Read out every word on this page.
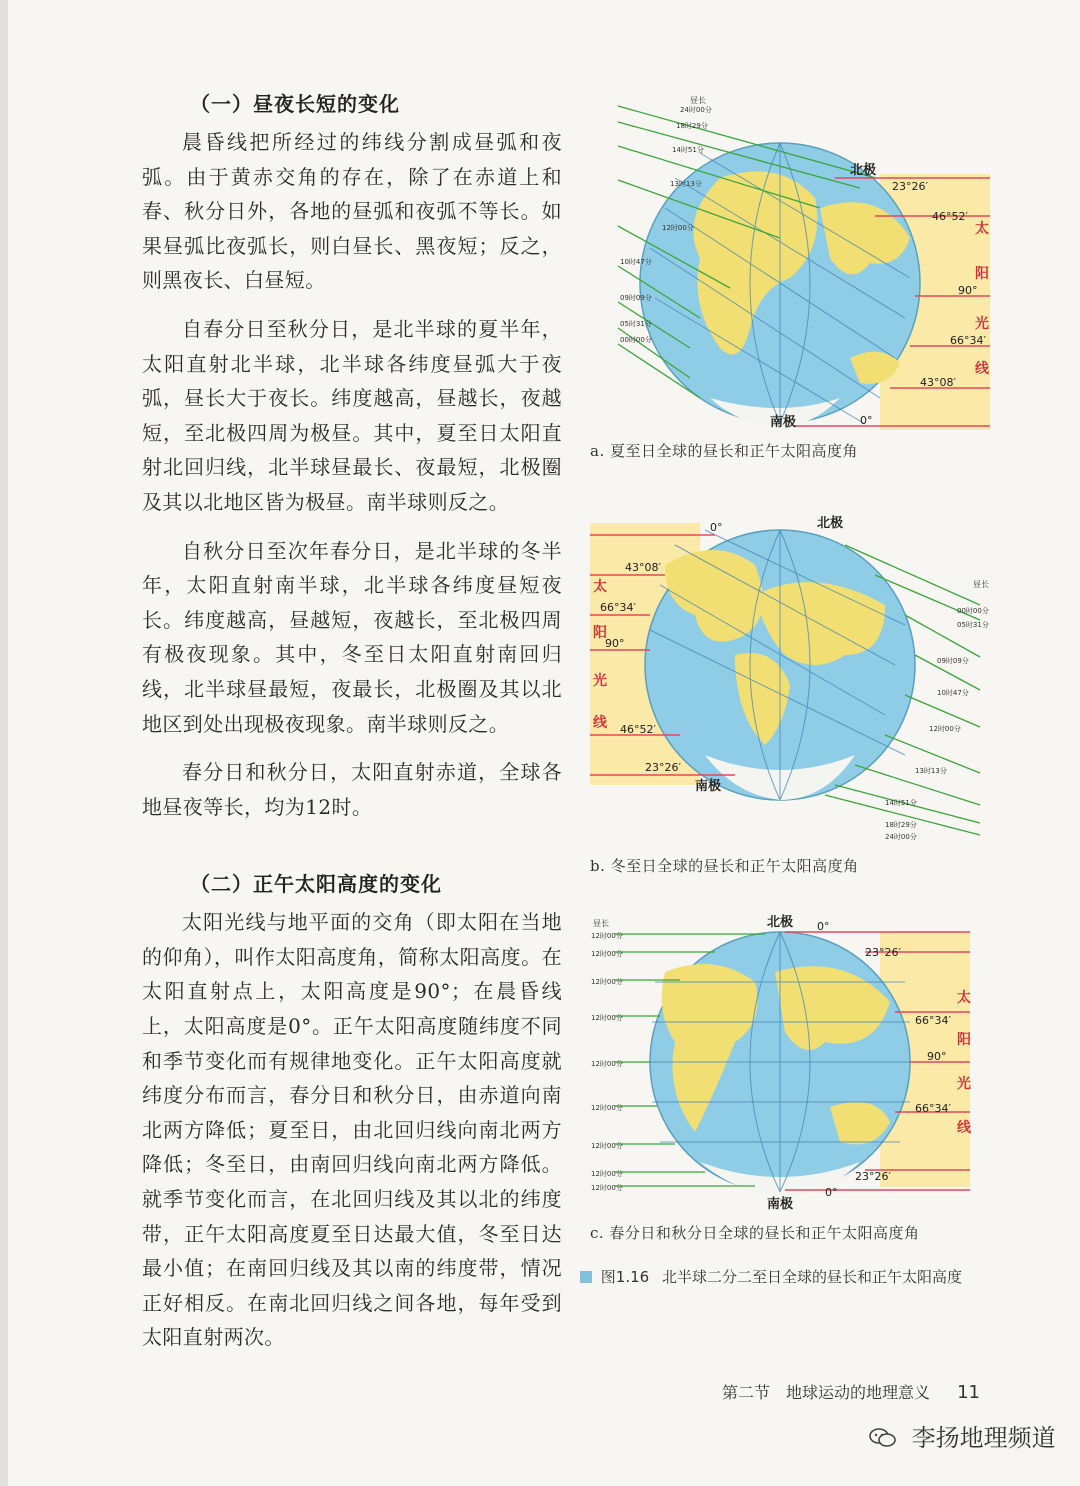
（一）昼夜长短的变化

晨昏线把所经过的纬线分割成昼弧和夜弧。由于黄赤交角的存在，除了在赤道上和春、秋分日外，各地的昼弧和夜弧不等长。如果昼弧比夜弧长，则白昼长、黑夜短；反之，则黑夜长、白昼短。

自春分日至秋分日，是北半球的夏半年，太阳直射北半球，北半球各纬度昼弧大于夜弧，昼长大于夜长。纬度越高，昼越长，夜越短，至北极四周为极昼。其中，夏至日太阳直射北回归线，北半球昼最长、夜最短，北极圈及其以北地区皆为极昼。南半球则反之。

自秋分日至次年春分日，是北半球的冬半年，太阳直射南半球，北半球各纬度昼短夜长。纬度越高，昼越短，夜越长，至北极四周有极夜现象。其中，冬至日太阳直射南回归线，北半球昼最短，夜最长，北极圈及其以北地区到处出现极夜现象。南半球则反之。

春分日和秋分日，太阳直射赤道，全球各地昼夜等长，均为12时。

（二）正午太阳高度的变化

太阳光线与地平面的交角（即太阳在当地的仰角），叫作太阳高度角，简称太阳高度。在太阳直射点上，太阳高度是90°；在晨昏线上，太阳高度是0°。正午太阳高度随纬度不同和季节变化而有规律地变化。正午太阳高度就纬度分布而言，春分日和秋分日，由赤道向南北两方降低；夏至日，由北回归线向南北两方降低；冬至日，由南回归线向南北两方降低。就季节变化而言，在北回归线及其以北的纬度带，正午太阳高度夏至日达最大值，冬至日达最小值；在南回归线及其以南的纬度带，情况正好相反。在南北回归线之间各地，每年受到太阳直射两次。

北极
南极
昼长
24时00分
18时29分
14时51分
13时13分
12时00分
10时47分
09时09分
05时31分
00时00分
23°26′
46°52′
90°
66°34′
43°08′
0°
太
阳
光
线
a. 夏至日全球的昼长和正午太阳高度角
北极
南极
昼长
00时00分
05时31分
09时09分
10时47分
12时00分
13时13分
14时51分
18时29分
24时00分
0°
43°08′
66°34′
90°
46°52′
23°26′
太
阳
光
线
b. 冬至日全球的昼长和正午太阳高度角
北极
南极
昼长
12时00分
12时00分
12时00分
12时00分
12时00分
12时00分
12时00分
12时00分
12时00分
0°
23°26′
66°34′
90°
66°34′
23°26′
0°
太
阳
光
线
c. 春分日和秋分日全球的昼长和正午太阳高度角
图1.16 北半球二分二至日全球的昼长和正午太阳高度
第二节　地球运动的地理意义 11
李扬地理频道
